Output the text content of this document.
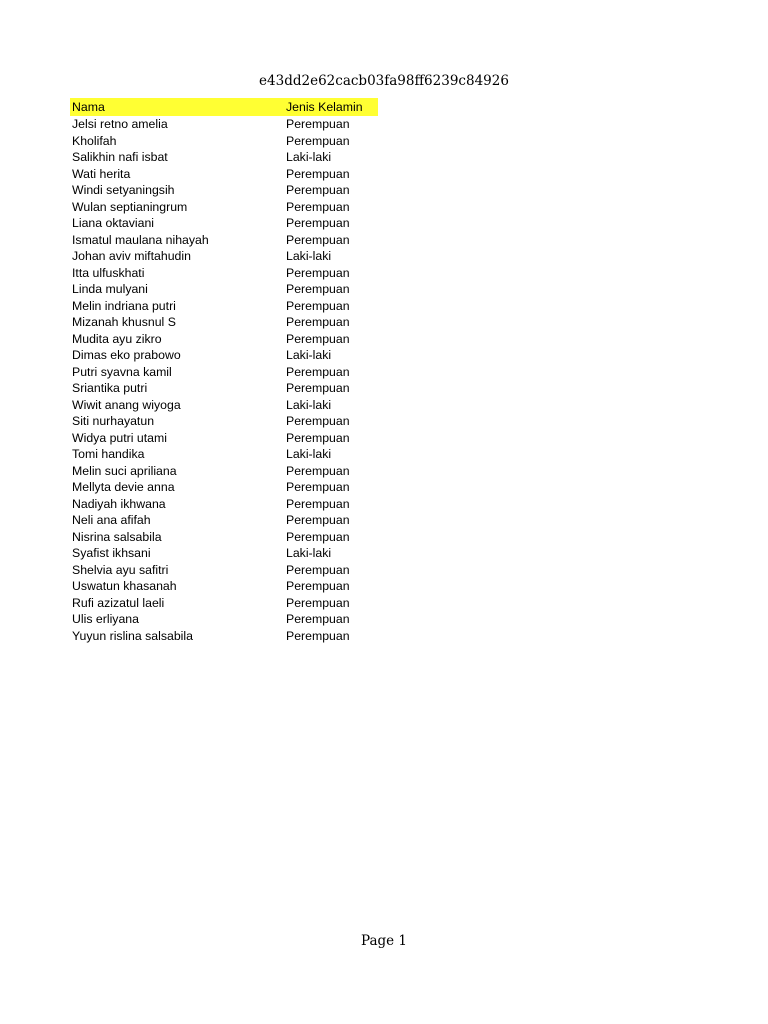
e43dd2e62cacb03fa98ff6239c84926
Nama	Jenis Kelamin
Jelsi retno amelia	Perempuan
Kholifah	Perempuan
Salikhin nafi isbat	Laki-laki
Wati herita	Perempuan
Windi setyaningsih	Perempuan
Wulan septianingrum	Perempuan
Liana oktaviani	Perempuan
Ismatul maulana nihayah	Perempuan
Johan aviv miftahudin	Laki-laki
Itta ulfuskhati	Perempuan
Linda mulyani	Perempuan
Melin indriana putri	Perempuan
Mizanah khusnul S	Perempuan
Mudita ayu zikro	Perempuan
Dimas eko prabowo	Laki-laki
Putri syavna kamil	Perempuan
Sriantika putri	Perempuan
Wiwit anang wiyoga	Laki-laki
Siti nurhayatun	Perempuan
Widya putri utami	Perempuan
Tomi handika	Laki-laki
Melin suci apriliana	Perempuan
Mellyta devie anna	Perempuan
Nadiyah ikhwana	Perempuan
Neli ana afifah	Perempuan
Nisrina salsabila	Perempuan
Syafist ikhsani	Laki-laki
Shelvia ayu safitri	Perempuan
Uswatun khasanah	Perempuan
Rufi azizatul laeli	Perempuan
Ulis erliyana	Perempuan
Yuyun rislina salsabila	Perempuan
Page 1
